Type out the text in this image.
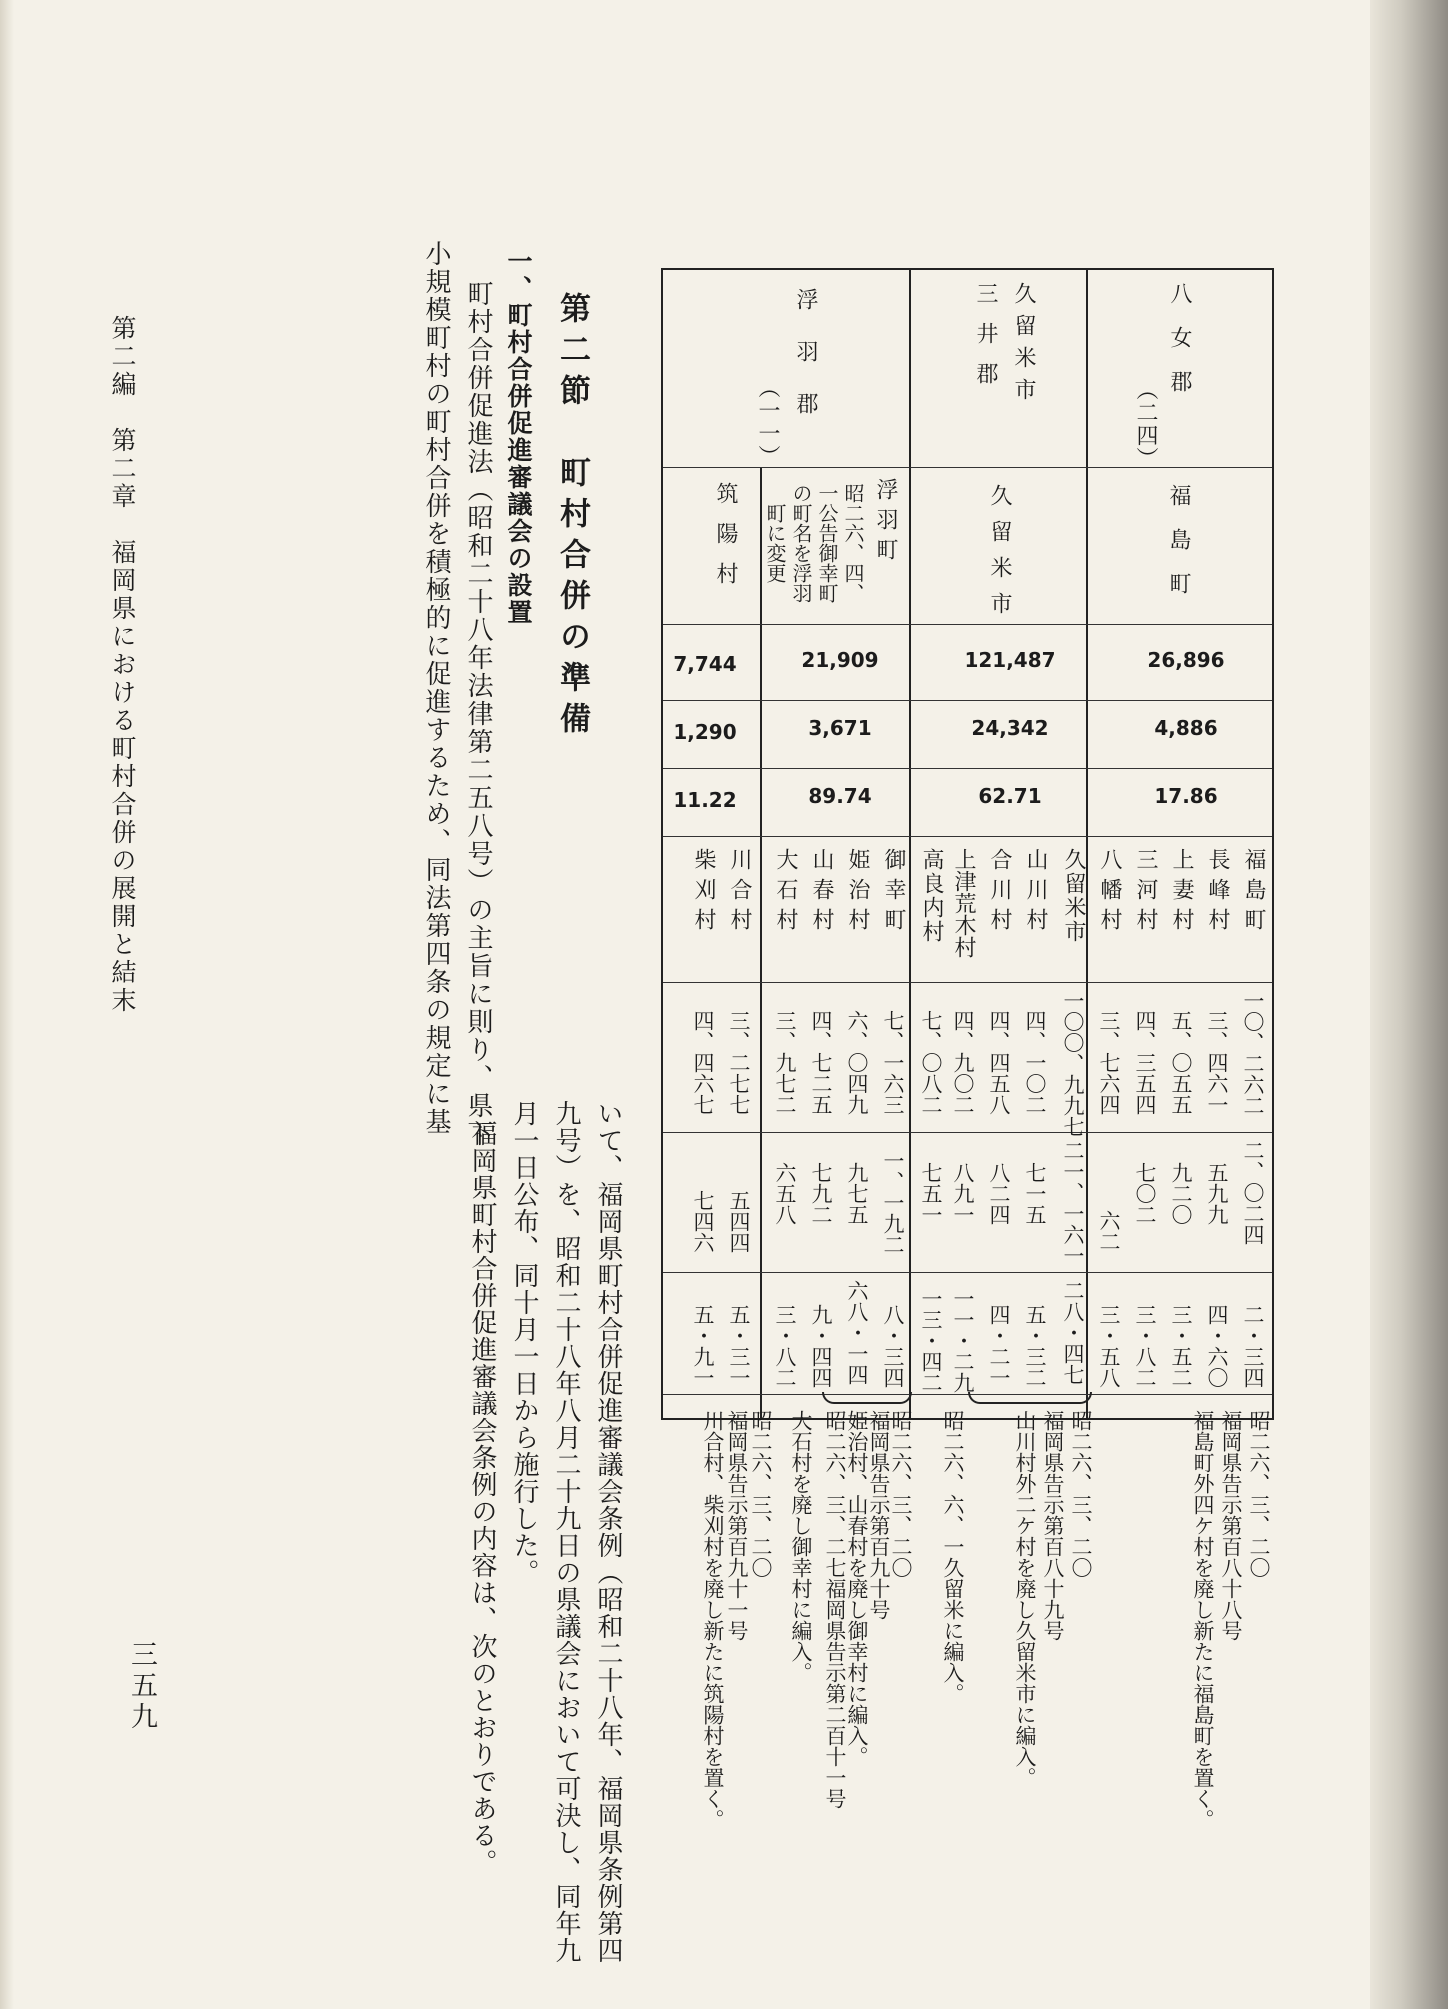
第二編　第二章　福岡県における町村合併の展開と結末
三五九
第二節　町村合併の準備
一、町村合併促進審議会の設置
町村合併促進法（昭和二十八年法律第二五八号）の主旨に則り、県下
小規模町村の町村合併を積極的に促進するため、同法第四条の規定に基
いて、福岡県町村合併促進審議会条例（昭和二十八年、福岡県条例第四
九号）を、昭和二十八年八月二十九日の県議会において可決し、同年九
月一日公布、同十月一日から施行した。
福岡県町村合併促進審議会条例の内容は、次のとおりである。
八女郡
（二四）
福島町
26,896
4,886
17.86
福島町
長峰村
上妻村
三河村
八幡村
一〇、二六二
三、四六一
五、〇五五
四、三五四
三、七六四
二、〇二四
五九九
九二〇
七〇二
六二
二・三四
四・六〇
三・五二
三・八二
三・五八
昭二六、三、二〇
福岡県告示第百八十八号
福島町外四ケ村を廃し新たに福島町を置く。
久留米市
三井郡
久留米市
121,487
24,342
62.71
久留米市
山川村
合川村
上津荒木村
高良内村
一〇〇、九九七
四、一〇二
四、四五八
四、九〇二
七、〇八二
二一、一六一
七一五
八二四
八九一
七五一
二八・四七
五・三二
四・二一
一一・二九
一三・四二
昭二六、三、二〇
福岡県告示第百八十九号
山川村外二ケ村を廃し久留米市に編入。
昭二六、六、一久留米に編入。
浮羽郡
（一一）
浮羽町
昭二六、四、一公告御幸町の町名を浮羽町に変更
21,909
3,671
89.74
御幸町
姫治村
山春村
大石村
七、一六三
六、〇四九
四、七二五
三、九七二
一、一九二
九七五
七九二
六五八
八・三四
六八・一四
九・四四
三・八二
昭二六、三、二〇
福岡県告示第百九十号
姫治村、山春村を廃し御幸村に編入。
昭二六、三、二七福岡県告示第二百十一号
大石村を廃し御幸村に編入。
筑陽村
7,744
1,290
11.22
川合村
柴刈村
三、二七七
四、四六七
五四四
七四六
五・三一
五・九一
昭二六、三、二〇
福岡県告示第百九十一号
川合村、柴刈村を廃し新たに筑陽村を置く。
